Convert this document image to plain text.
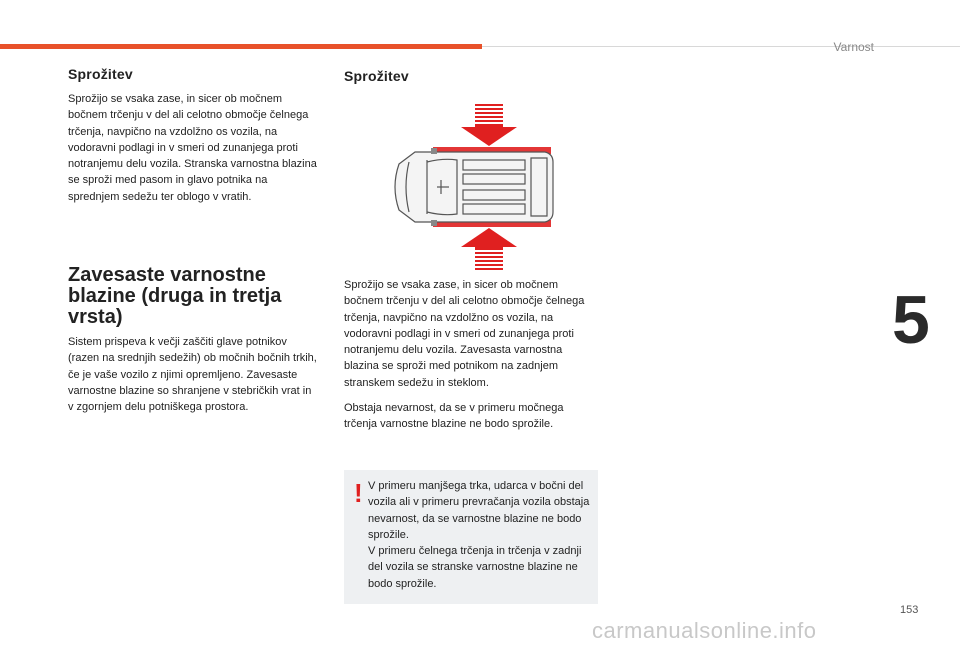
Varnost
5
Sprožitev

Sprožijo se vsaka zase, in sicer ob močnem bočnem trčenju v del ali celotno območje čelnega trčenja, navpično na vzdolžno os vozila, na vodoravni podlagi in v smeri od zunanjega proti notranjemu delu vozila. Stranska varnostna blazina se sproži med pasom in glavo potnika na sprednjem sedežu ter oblogo v vratih.

Zavesaste varnostne blazine (druga in tretja vrsta)

Sistem prispeva k večji zaščiti glave potnikov (razen na srednjih sedežih) ob močnih bočnih trkih, če je vaše vozilo z njimi opremljeno. Zavesaste varnostne blazine so shranjene v stebričkih vrat in v zgornjem delu potniškega prostora.

Sprožitev

Sprožijo se vsaka zase, in sicer ob močnem bočnem trčenju v del ali celotno območje čelnega trčenja, navpično na vzdolžno os vozila, na vodoravni podlagi in v smeri od zunanjega proti notranjemu delu vozila. Zavesasta varnostna blazina se sproži med potnikom na zadnjem stranskem sedežu in steklom.

Obstaja nevarnost, da se v primeru močnega trčenja varnostne blazine ne bodo sprožile.

! V primeru manjšega trka, udarca v bočni del vozila ali v primeru prevračanja vozila obstaja nevarnost, da se varnostne blazine ne bodo sprožile.

V primeru čelnega trčenja in trčenja v zadnji del vozila se stranske varnostne blazine ne bodo sprožile.

153
carmanualsonline.info
